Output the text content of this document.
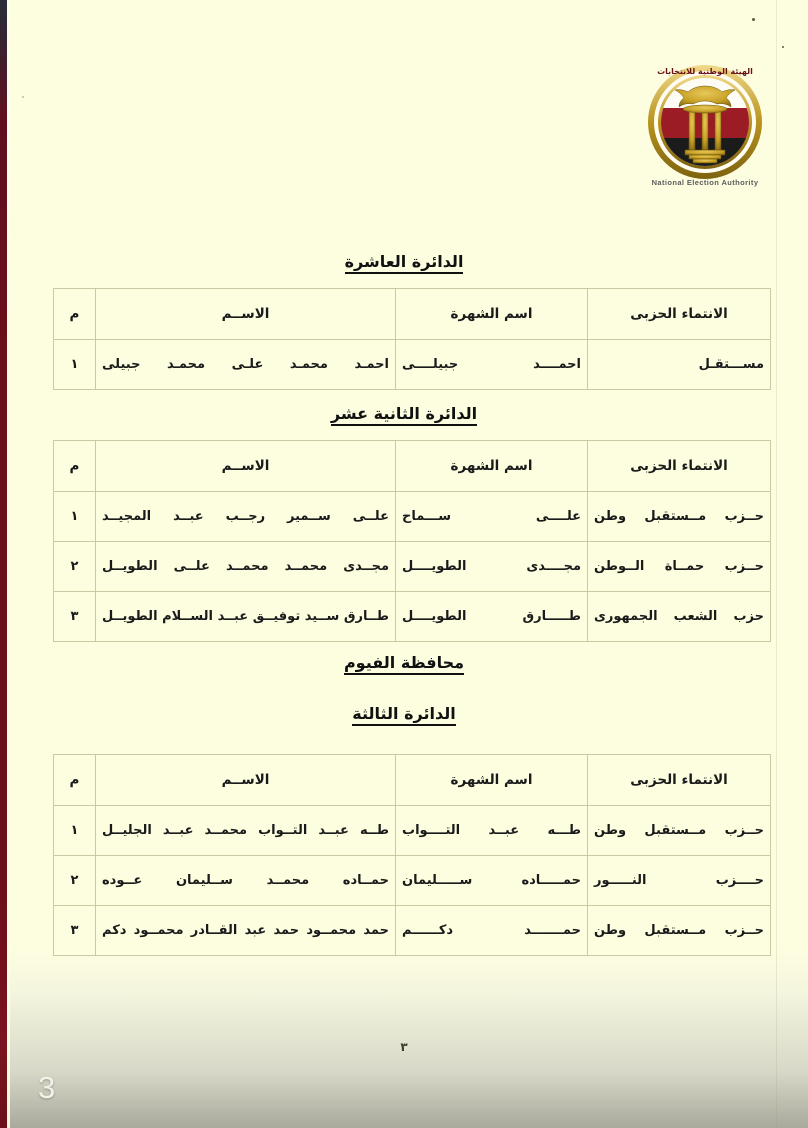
الهيئة الوطنية للانتخابات
National Election Authority
الدائرة العاشرة
الانتماء الحزبى	اسم الشهرة	الاســم	م
مســـتقـل	احمــــد جبيلــــى	احمـد محمـد علـى محمـد جبيلى	١
الدائرة الثانية عشر
الانتماء الحزبى	اسم الشهرة	الاســم	م
حــزب مــستقبل وطن	علــــى ســـماح	علــى ســمير رجــب عبــد المجيــد	١
حــزب حمــاة الــوطن	مجــــدى الطويــــل	مجــدى محمــد محمــد علــى الطويــل	٢
حزب الشعب الجمهورى	طـــــارق الطويــــل	طــارق ســيد توفيــق عبــد الســلام الطويــل	٣
محافظة الفيوم
الدائرة الثالثة
الانتماء الحزبى	اسم الشهرة	الاســم	م
حــزب مــستقبل وطن	طـــه عبــد التــــواب	طــه عبــد التــواب محمــد عبــد الجليــل	١
حــــزب النـــــور	حمـــــاده ســـــليمان	حمــاده محمــد ســليمان عــوده	٢
حــزب مــستقبل وطن	حمـــــــد دكــــــم	حمد محمــود حمد عبد القــادر محمــود دكم	٣
٣
3
